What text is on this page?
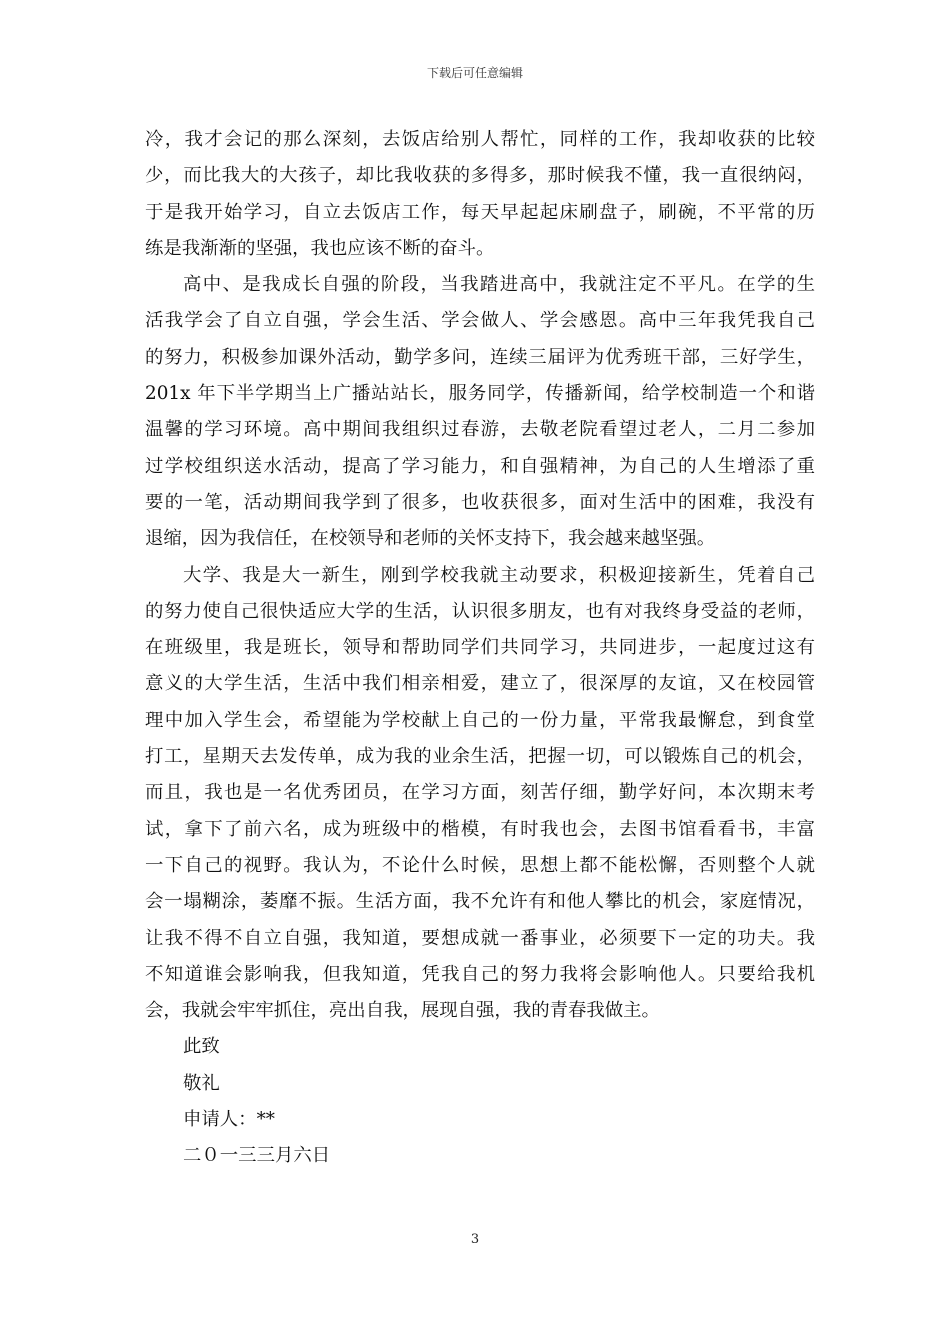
下载后可任意编辑
冷，我才会记的那么深刻，去饭店给别人帮忙，同样的工作，我却收获的比较
少，而比我大的大孩子，却比我收获的多得多，那时候我不懂，我一直很纳闷，
于是我开始学习，自立去饭店工作，每天早起起床刷盘子，刷碗，不平常的历
练是我渐渐的坚强，我也应该不断的奋斗。
高中、是我成长自强的阶段，当我踏进高中，我就注定不平凡。在学的生
活我学会了自立自强，学会生活、学会做人、学会感恩。高中三年我凭我自己
的努力，积极参加课外活动，勤学多问，连续三届评为优秀班干部，三好学生，
201x 年下半学期当上广播站站长，服务同学，传播新闻，给学校制造一个和谐
温馨的学习环境。高中期间我组织过春游，去敬老院看望过老人，二月二参加
过学校组织送水活动，提高了学习能力，和自强精神，为自己的人生增添了重
要的一笔，活动期间我学到了很多，也收获很多，面对生活中的困难，我没有
退缩，因为我信任，在校领导和老师的关怀支持下，我会越来越坚强。
大学、我是大一新生，刚到学校我就主动要求，积极迎接新生，凭着自己
的努力使自己很快适应大学的生活，认识很多朋友，也有对我终身受益的老师，
在班级里，我是班长，领导和帮助同学们共同学习，共同进步，一起度过这有
意义的大学生活，生活中我们相亲相爱，建立了，很深厚的友谊，又在校园管
理中加入学生会，希望能为学校献上自己的一份力量，平常我最懈怠，到食堂
打工，星期天去发传单，成为我的业余生活，把握一切，可以锻炼自己的机会，
而且，我也是一名优秀团员，在学习方面，刻苦仔细，勤学好问，本次期末考
试，拿下了前六名，成为班级中的楷模，有时我也会，去图书馆看看书，丰富
一下自己的视野。我认为，不论什么时候，思想上都不能松懈，否则整个人就
会一塌糊涂，萎靡不振。生活方面，我不允许有和他人攀比的机会，家庭情况，
让我不得不自立自强，我知道，要想成就一番事业，必须要下一定的功夫。我
不知道谁会影响我，但我知道，凭我自己的努力我将会影响他人。只要给我机
会，我就会牢牢抓住，亮出自我，展现自强，我的青春我做主。
此致
敬礼
申请人：**
二０一三三月六日
3
